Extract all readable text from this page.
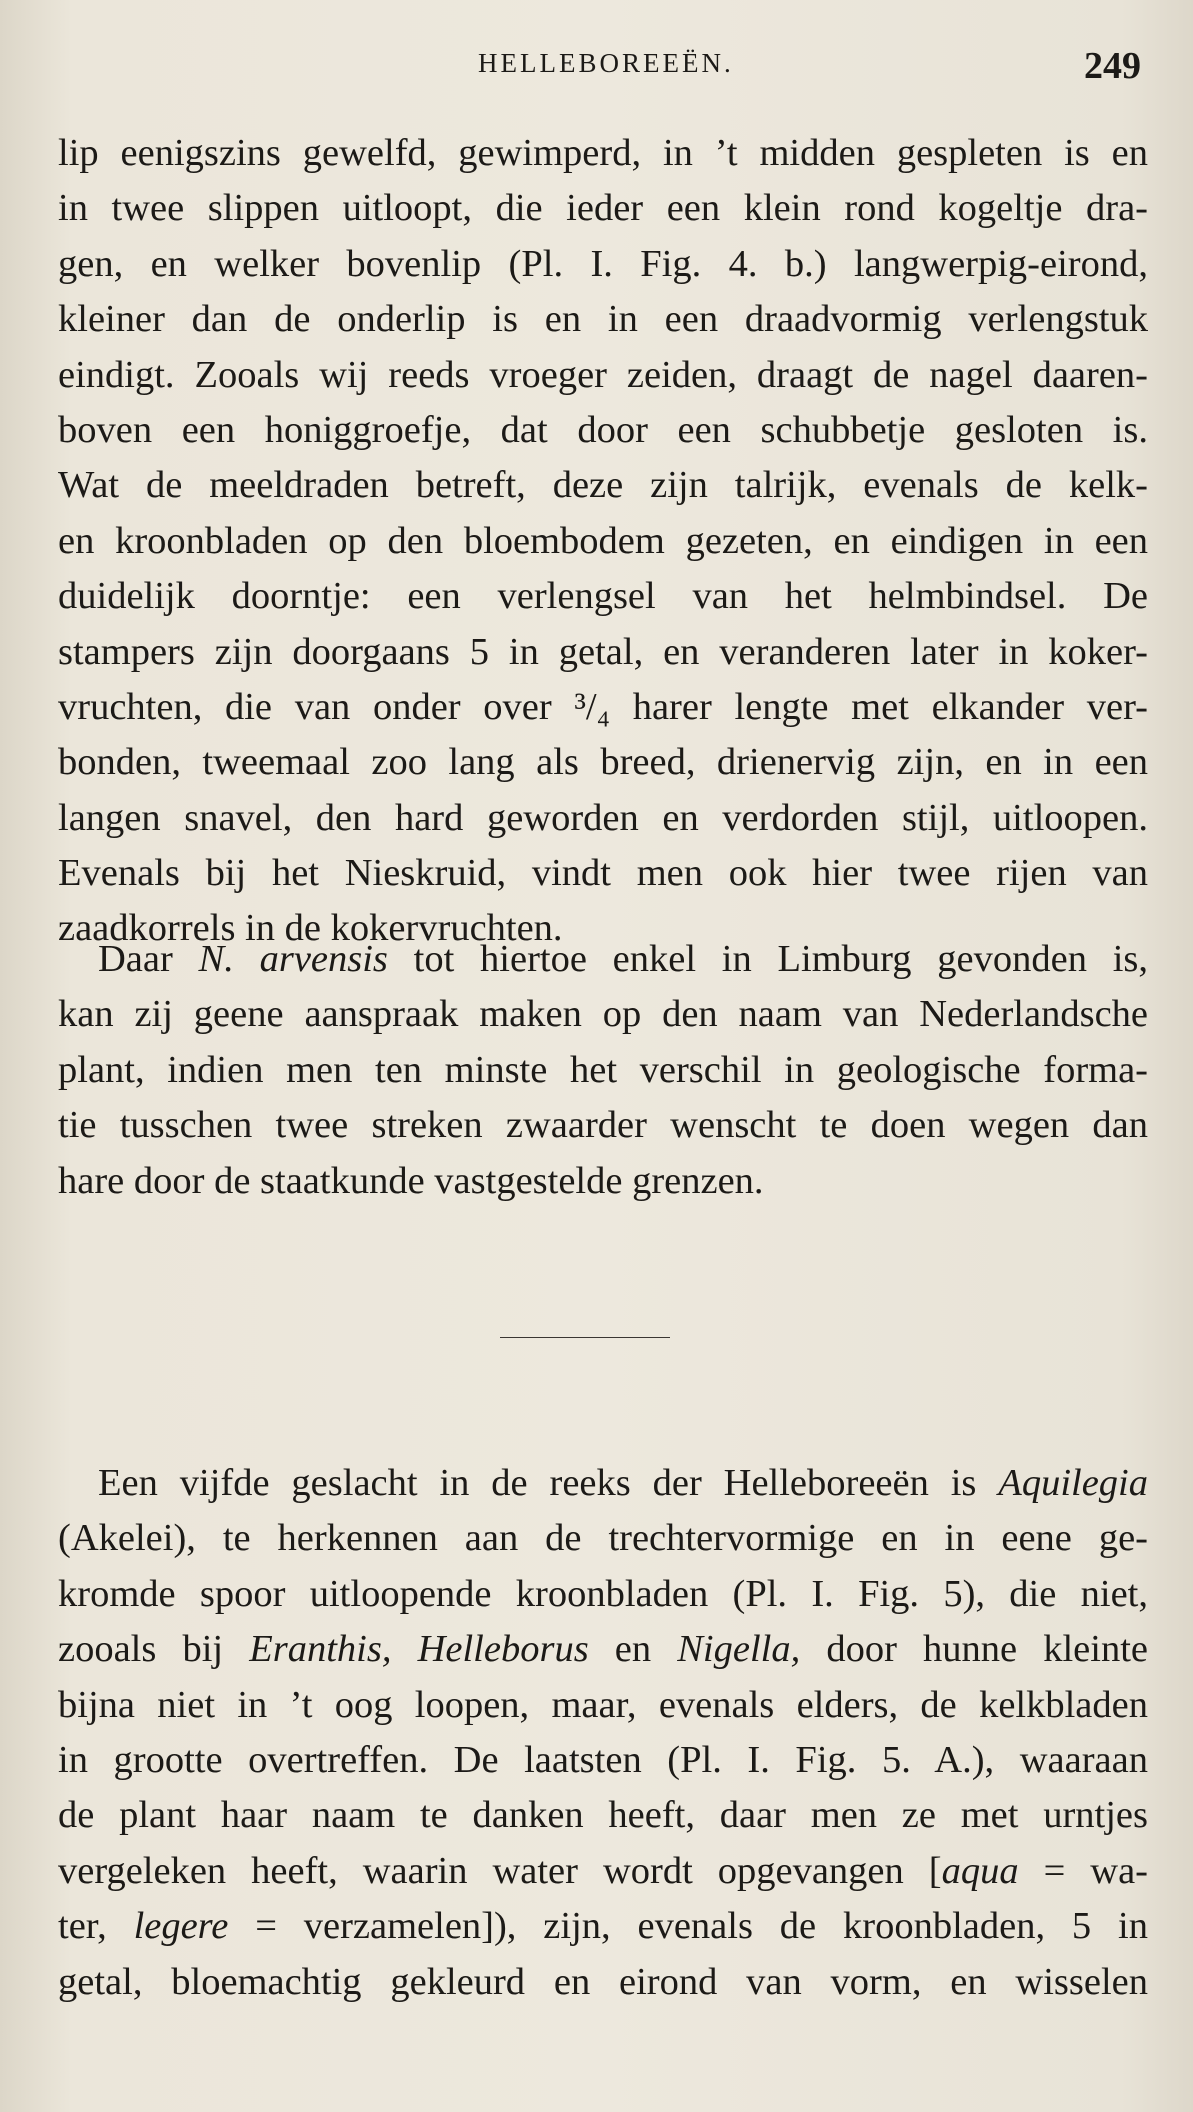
HELLEBOREEËN.	249
lip eenigszins gewelfd, gewimperd, in ’t midden gespleten is en
in twee slippen uitloopt, die ieder een klein rond kogeltje dra-
gen, en welker bovenlip (Pl. I. Fig. 4. b.) langwerpig-eirond,
kleiner dan de onderlip is en in een draadvormig verlengstuk
eindigt. Zooals wij reeds vroeger zeiden, draagt de nagel daaren-
boven een honiggroefje, dat door een schubbetje gesloten is.
Wat de meeldraden betreft, deze zijn talrijk, evenals de kelk-
en kroonbladen op den bloembodem gezeten, en eindigen in een
duidelijk doorntje: een verlengsel van het helmbindsel. De
stampers zijn doorgaans 5 in getal, en veranderen later in koker-
vruchten, die van onder over ³/₄ harer lengte met elkander ver-
bonden, tweemaal zoo lang als breed, drienervig zijn, en in een
langen snavel, den hard geworden en verdorden stijl, uitloopen.
Evenals bij het Nieskruid, vindt men ook hier twee rijen van
zaadkorrels in de kokervruchten.
Daar N. arvensis tot hiertoe enkel in Limburg gevonden is,
kan zij geene aanspraak maken op den naam van Nederlandsche
plant, indien men ten minste het verschil in geologische forma-
tie tusschen twee streken zwaarder wenscht te doen wegen dan
hare door de staatkunde vastgestelde grenzen.
Een vijfde geslacht in de reeks der Helleboreeën is Aquilegia
(Akelei), te herkennen aan de trechtervormige en in eene ge-
kromde spoor uitloopende kroonbladen (Pl. I. Fig. 5), die niet,
zooals bij Eranthis, Helleborus en Nigella, door hunne kleinte
bijna niet in ’t oog loopen, maar, evenals elders, de kelkbladen
in grootte overtreffen. De laatsten (Pl. I. Fig. 5. A.), waaraan
de plant haar naam te danken heeft, daar men ze met urntjes
vergeleken heeft, waarin water wordt opgevangen [aqua = wa-
ter, legere = verzamelen]), zijn, evenals de kroonbladen, 5 in
getal, bloemachtig gekleurd en eirond van vorm, en wisselen
